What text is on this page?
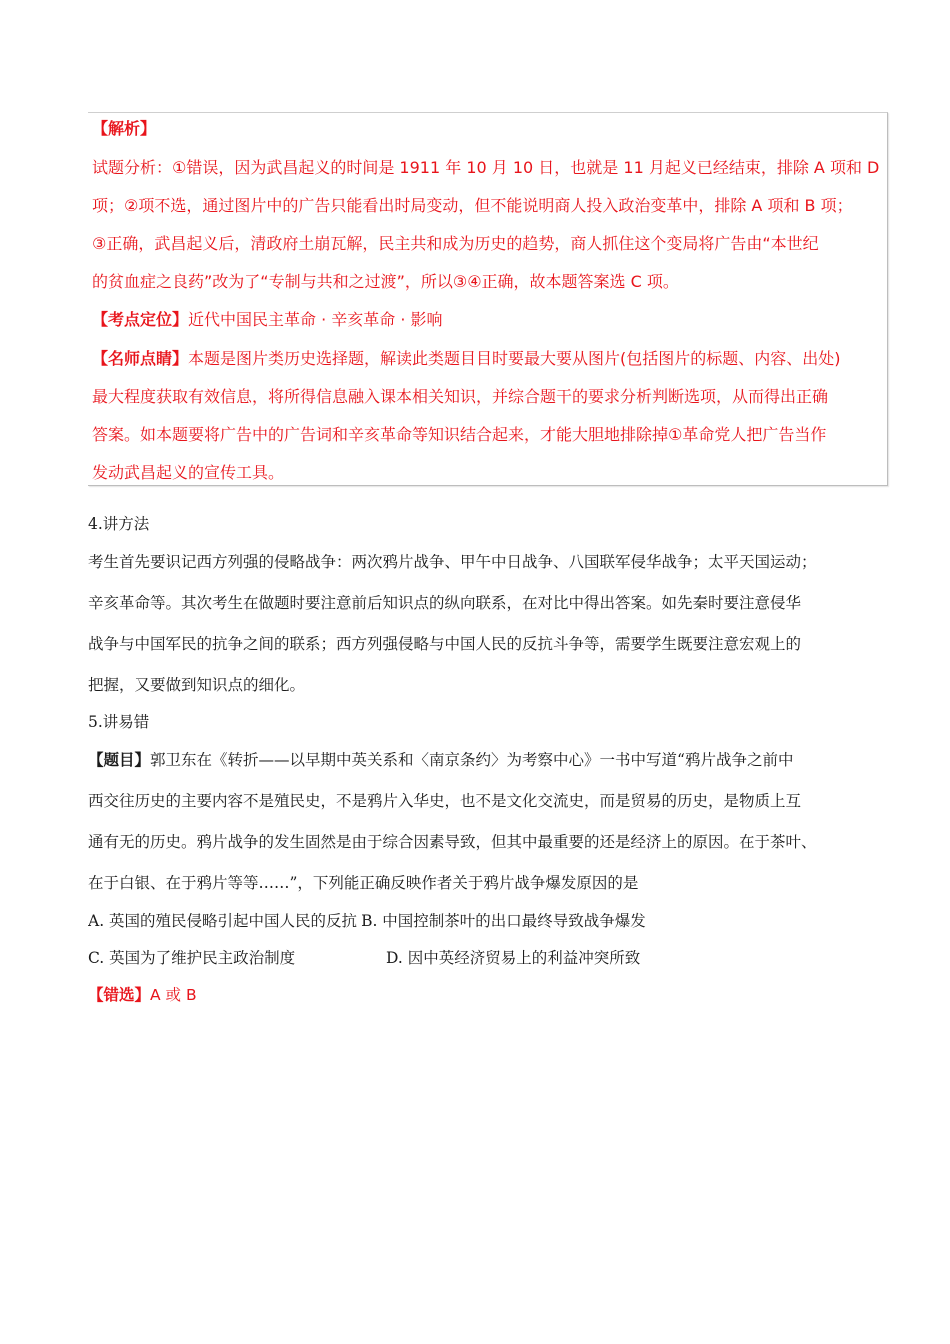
【解析】
试题分析：①错误，因为武昌起义的时间是 1911 年 10 月 10 日，也就是 11 月起义已经结束，排除 A 项和 D
项；②项不选，通过图片中的广告只能看出时局变动，但不能说明商人投入政治变革中，排除 A 项和 B 项；
③正确，武昌起义后，清政府土崩瓦解，民主共和成为历史的趋势，商人抓住这个变局将广告由“本世纪
的贫血症之良药”改为了“专制与共和之过渡”，所以③④正确，故本题答案选 C 项。
【考点定位】近代中国民主革命 · 辛亥革命 · 影响
【名师点睛】本题是图片类历史选择题，解读此类题目目时要最大要从图片(包括图片的标题、内容、出处)
最大程度获取有效信息，将所得信息融入课本相关知识，并综合题干的要求分析判断选项，从而得出正确
答案。如本题要将广告中的广告词和辛亥革命等知识结合起来，才能大胆地排除掉①革命党人把广告当作
发动武昌起义的宣传工具。
4.讲方法
考生首先要识记西方列强的侵略战争：两次鸦片战争、甲午中日战争、八国联军侵华战争；太平天国运动；
辛亥革命等。其次考生在做题时要注意前后知识点的纵向联系，在对比中得出答案。如先秦时要注意侵华
战争与中国军民的抗争之间的联系；西方列强侵略与中国人民的反抗斗争等，需要学生既要注意宏观上的
把握，又要做到知识点的细化。
5.讲易错
【题目】郭卫东在《转折——以早期中英关系和〈南京条约〉为考察中心》一书中写道“鸦片战争之前中
西交往历史的主要内容不是殖民史，不是鸦片入华史，也不是文化交流史，而是贸易的历史，是物质上互
通有无的历史。鸦片战争的发生固然是由于综合因素导致，但其中最重要的还是经济上的原因。在于茶叶、
在于白银、在于鸦片等等……”，下列能正确反映作者关于鸦片战争爆发原因的是
A. 英国的殖民侵略引起中国人民的反抗 B. 中国控制茶叶的出口最终导致战争爆发
C. 英国为了维护民主政治制度	D. 因中英经济贸易上的利益冲突所致
【错选】A 或 B
